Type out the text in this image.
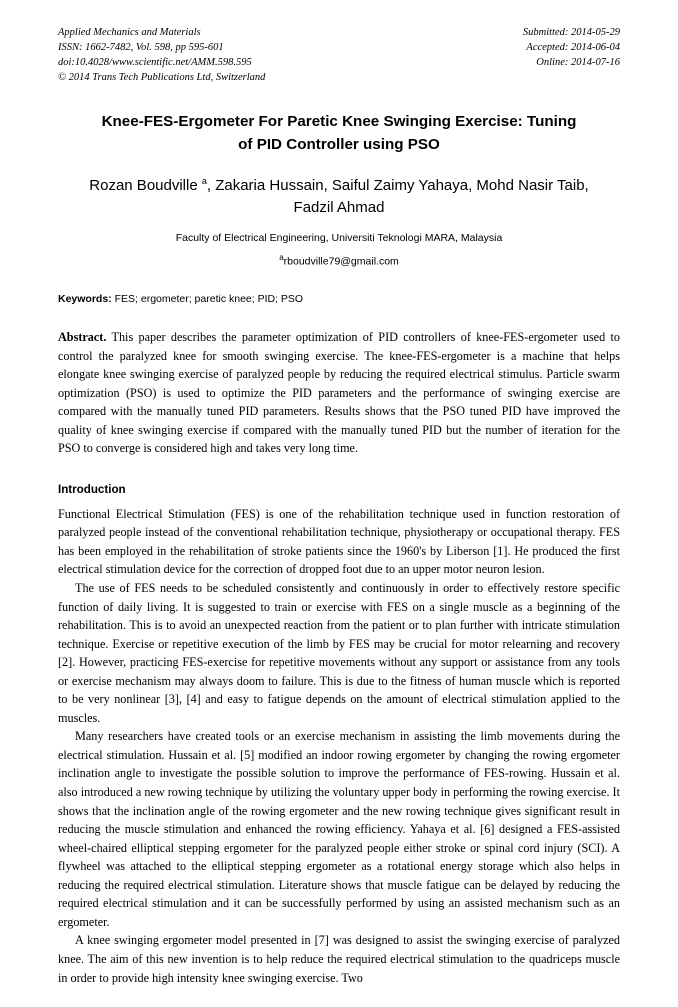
Applied Mechanics and Materials
ISSN: 1662-7482, Vol. 598, pp 595-601
doi:10.4028/www.scientific.net/AMM.598.595
© 2014 Trans Tech Publications Ltd, Switzerland
Submitted: 2014-05-29
Accepted: 2014-06-04
Online: 2014-07-16
Knee-FES-Ergometer For Paretic Knee Swinging Exercise: Tuning
of PID Controller using PSO
Rozan Boudville $^a$, Zakaria Hussain, Saiful Zaimy Yahaya, Mohd Nasir Taib,
Fadzil Ahmad
Faculty of Electrical Engineering, Universiti Teknologi MARA, Malaysia
$^a$rboudville79@gmail.com
Keywords: FES; ergometer; paretic knee; PID; PSO
Abstract. This paper describes the parameter optimization of PID controllers of knee-FES-ergometer used to control the paralyzed knee for smooth swinging exercise. The knee-FES-ergometer is a machine that helps elongate knee swinging exercise of paralyzed people by reducing the required electrical stimulus. Particle swarm optimization (PSO) is used to optimize the PID parameters and the performance of swinging exercise are compared with the manually tuned PID parameters. Results shows that the PSO tuned PID have improved the quality of knee swinging exercise if compared with the manually tuned PID but the number of iteration for the PSO to converge is considered high and takes very long time.
Introduction

Functional Electrical Stimulation (FES) is one of the rehabilitation technique used in function restoration of paralyzed people instead of the conventional rehabilitation technique, physiotherapy or occupational therapy. FES has been employed in the rehabilitation of stroke patients since the 1960's by Liberson [1]. He produced the first electrical stimulation device for the correction of dropped foot due to an upper motor neuron lesion.

The use of FES needs to be scheduled consistently and continuously in order to effectively restore specific function of daily living. It is suggested to train or exercise with FES on a single muscle as a beginning of the rehabilitation. This is to avoid an unexpected reaction from the patient or to plan further with intricate stimulation technique. Exercise or repetitive execution of the limb by FES may be crucial for motor relearning and recovery [2]. However, practicing FES-exercise for repetitive movements without any support or assistance from any tools or exercise mechanism may always doom to failure. This is due to the fitness of human muscle which is reported to be very nonlinear [3], [4] and easy to fatigue depends on the amount of electrical stimulation applied to the muscles.

Many researchers have created tools or an exercise mechanism in assisting the limb movements during the electrical stimulation. Hussain et al. [5] modified an indoor rowing ergometer by changing the rowing ergometer inclination angle to investigate the possible solution to improve the performance of FES-rowing. Hussain et al. also introduced a new rowing technique by utilizing the voluntary upper body in performing the rowing exercise. It shows that the inclination angle of the rowing ergometer and the new rowing technique gives significant result in reducing the muscle stimulation and enhanced the rowing efficiency. Yahaya et al. [6] designed a FES-assisted wheel-chaired elliptical stepping ergometer for the paralyzed people either stroke or spinal cord injury (SCI). A flywheel was attached to the elliptical stepping ergometer as a rotational energy storage which also helps in reducing the required electrical stimulation. Literature shows that muscle fatigue can be delayed by reducing the required electrical stimulation and it can be successfully performed by using an assisted mechanism such as an ergometer.

A knee swinging ergometer model presented in [7] was designed to assist the swinging exercise of paralyzed knee. The aim of this new invention is to help reduce the required electrical stimulation to the quadriceps muscle in order to provide high intensity knee swinging exercise. Two
